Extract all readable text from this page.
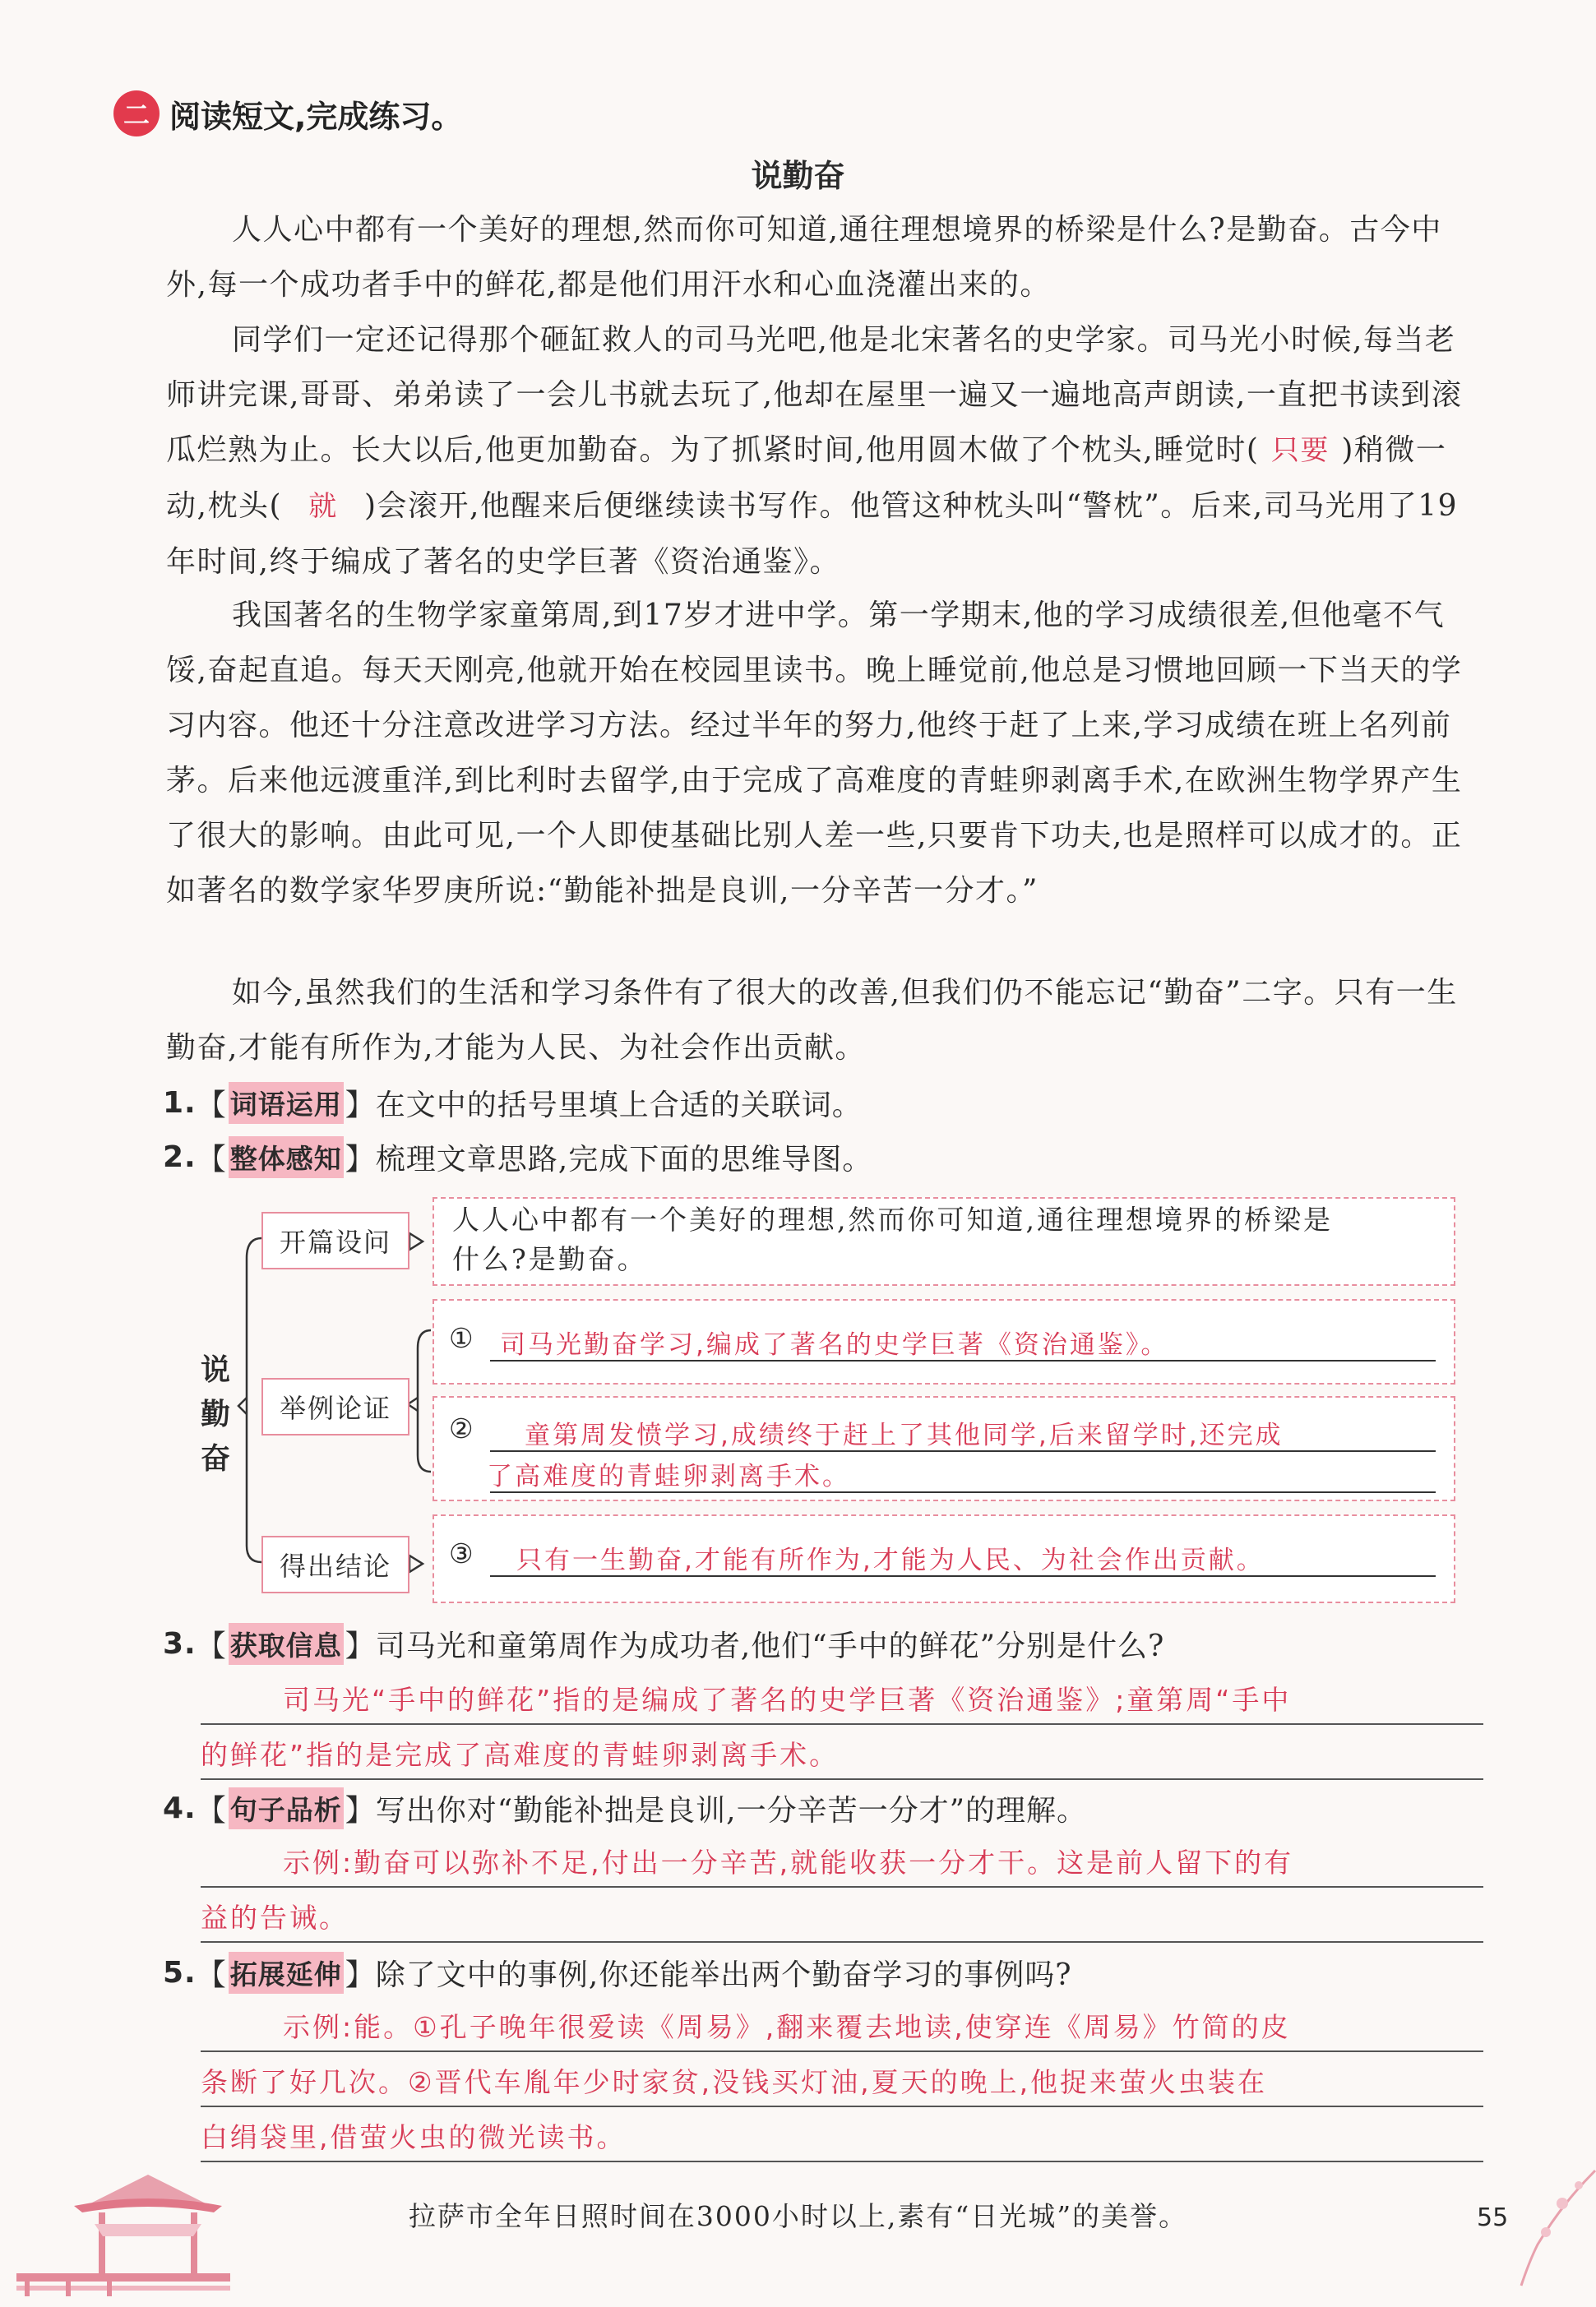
二 阅读短文,完成练习。
说勤奋
人人心中都有一个美好的理想,然而你可知道,通往理想境界的桥梁是什么?是勤奋。古今中外,每一个成功者手中的鲜花,都是他们用汗水和心血浇灌出来的。
同学们一定还记得那个砸缸救人的司马光吧,他是北宋著名的史学家。司马光小时候,每当老师讲完课,哥哥、弟弟读了一会儿书就去玩了,他却在屋里一遍又一遍地高声朗读,一直把书读到滚瓜烂熟为止。长大以后,他更加勤奋。为了抓紧时间,他用圆木做了个枕头,睡觉时( 只要 )稍微一动,枕头( 就 )会滚开,他醒来后便继续读书写作。他管这种枕头叫“警枕”。后来,司马光用了19年时间,终于编成了著名的史学巨著《资治通鉴》。
我国著名的生物学家童第周,到17岁才进中学。第一学期末,他的学习成绩很差,但他毫不气馁,奋起直追。每天天刚亮,他就开始在校园里读书。晚上睡觉前,他总是习惯地回顾一下当天的学习内容。他还十分注意改进学习方法。经过半年的努力,他终于赶了上来,学习成绩在班上名列前茅。后来他远渡重洋,到比利时去留学,由于完成了高难度的青蛙卵剥离手术,在欧洲生物学界产生了很大的影响。由此可见,一个人即使基础比别人差一些,只要肯下功夫,也是照样可以成才的。正如著名的数学家华罗庚所说:“勤能补拙是良训,一分辛苦一分才。”
如今,虽然我们的生活和学习条件有了很大的改善,但我们仍不能忘记“勤奋”二字。只有一生勤奋,才能有所作为,才能为人民、为社会作出贡献。
1. 【 词语运用 】 在文中的括号里填上合适的关联词。
2. 【 整体感知 】 梳理文章思路,完成下面的思维导图。
说
勤
奋
开篇设问
举例论证
得出结论
人人心中都有一个美好的理想,然而你可知道,通往理想境界的桥梁是
什么?是勤奋。
① 司马光勤奋学习,编成了著名的史学巨著《资治通鉴》。
② 童第周发愤学习,成绩终于赶上了其他同学,后来留学时,还完成
了高难度的青蛙卵剥离手术。
③ 只有一生勤奋,才能有所作为,才能为人民、为社会作出贡献。
3. 【 获取信息 】 司马光和童第周作为成功者,他们“手中的鲜花”分别是什么?
司马光“手中的鲜花”指的是编成了著名的史学巨著《资治通鉴》;童第周“手中
的鲜花”指的是完成了高难度的青蛙卵剥离手术。
4. 【 句子品析 】 写出你对“勤能补拙是良训,一分辛苦一分才”的理解。
示例:勤奋可以弥补不足,付出一分辛苦,就能收获一分才干。这是前人留下的有
益的告诫。
5. 【 拓展延伸 】 除了文中的事例,你还能举出两个勤奋学习的事例吗?
示例:能。①孔子晚年很爱读《周易》,翻来覆去地读,使穿连《周易》竹简的皮
条断了好几次。②晋代车胤年少时家贫,没钱买灯油,夏天的晚上,他捉来萤火虫装在
白绢袋里,借萤火虫的微光读书。
拉萨市全年日照时间在3000小时以上,素有“日光城”的美誉。	55
